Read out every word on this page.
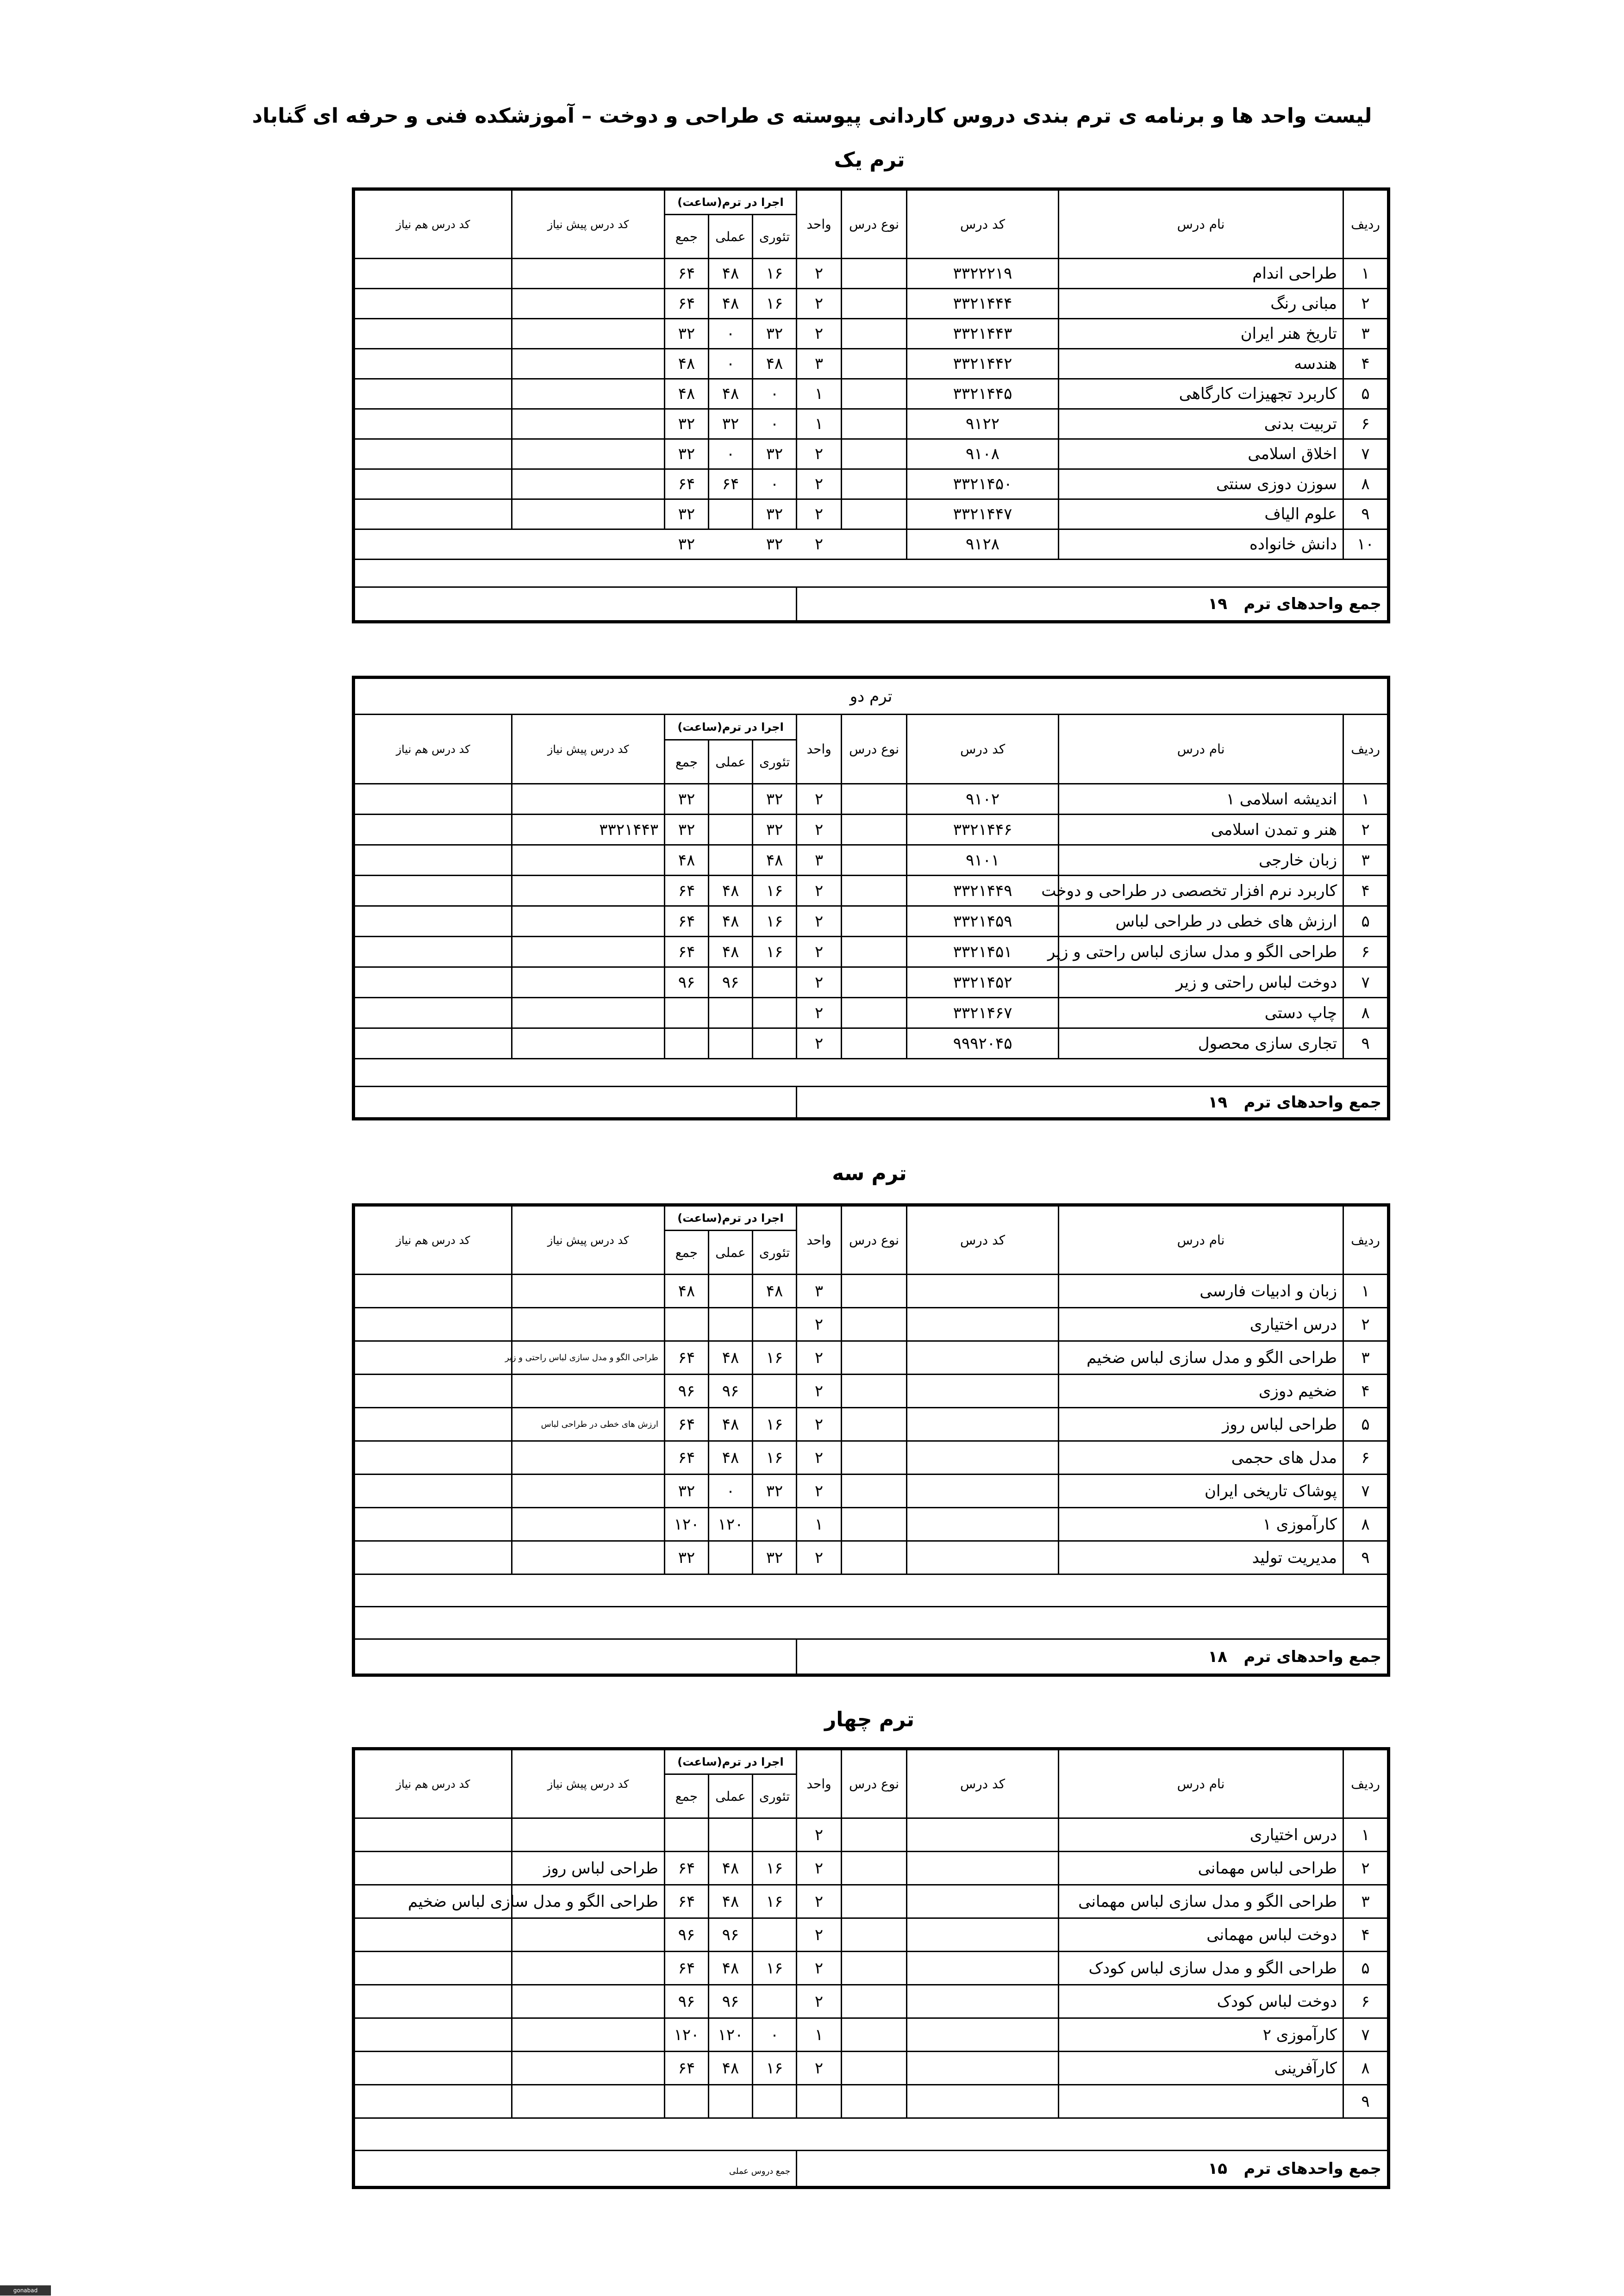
لیست واحد ها و برنامه ی ترم بندی دروس کاردانی پیوسته ی طراحی و دوخت – آموزشکده فنی و حرفه ای گناباد
ترم یک
ردیف	نام درس	کد درس	نوع درس	واحد	اجرا در ترم(ساعت)			کد درس پیش نیاز	کد درس هم نیاز
					تئوری	عملی	جمع		
۱	طراحی اندام	۳۳۲۲۲۱۹		۲	۱۶	۴۸	۶۴		
۲	مبانی رنگ	۳۳۲۱۴۴۴		۲	۱۶	۴۸	۶۴		
۳	تاریخ هنر ایران	۳۳۲۱۴۴۳		۲	۳۲	۰	۳۲		
۴	هندسه	۳۳۲۱۴۴۲		۳	۴۸	۰	۴۸		
۵	کاربرد تجهیزات کارگاهی	۳۳۲۱۴۴۵		۱	۰	۴۸	۴۸		
۶	تربیت بدنی	۹۱۲۲		۱	۰	۳۲	۳۲		
۷	اخلاق اسلامی	۹۱۰۸		۲	۳۲	۰	۳۲		
۸	سوزن دوزی سنتی	۳۳۲۱۴۵۰		۲	۰	۶۴	۶۴		
۹	علوم الیاف	۳۳۲۱۴۴۷		۲	۳۲		۳۲		
۱۰	دانش خانواده	۹۱۲۸		۲	۳۲		۳۲		

جمع واحدهای ترم   ۱۹									
ترم دو									
ردیف	نام درس	کد درس	نوع درس	واحد	اجرا در ترم(ساعت)			کد درس پیش نیاز	کد درس هم نیاز
					تئوری	عملی	جمع		
۱	اندیشه اسلامی ۱	۹۱۰۲		۲	۳۲		۳۲		
۲	هنر و تمدن اسلامی	۳۳۲۱۴۴۶		۲	۳۲		۳۲	۳۳۲۱۴۴۳	
۳	زبان خارجی	۹۱۰۱		۳	۴۸		۴۸		
۴	کاربرد نرم افزار تخصصی در طراحی و دوخت	۳۳۲۱۴۴۹		۲	۱۶	۴۸	۶۴		
۵	ارزش های خطی در طراحی لباس	۳۳۲۱۴۵۹		۲	۱۶	۴۸	۶۴		
۶	طراحی الگو و مدل سازی لباس راحتی و زیر	۳۳۲۱۴۵۱		۲	۱۶	۴۸	۶۴		
۷	دوخت لباس راحتی و زیر	۳۳۲۱۴۵۲		۲		۹۶	۹۶		
۸	چاپ دستی	۳۳۲۱۴۶۷		۲					
۹	تجاری سازی محصول	۹۹۹۲۰۴۵		۲					

جمع واحدهای ترم   ۱۹									
ترم سه
ردیف	نام درس	کد درس	نوع درس	واحد	اجرا در ترم(ساعت)			کد درس پیش نیاز	کد درس هم نیاز
					تئوری	عملی	جمع		
۱	زبان و ادبیات فارسی			۳	۴۸		۴۸		
۲	درس اختیاری			۲					
۳	طراحی الگو و مدل سازی لباس ضخیم			۲	۱۶	۴۸	۶۴	طراحی الگو و مدل سازی لباس راحتی و زیر	
۴	ضخیم دوزی			۲		۹۶	۹۶		
۵	طراحی لباس روز			۲	۱۶	۴۸	۶۴	ارزش های خطی در طراحی لباس	
۶	مدل های حجمی			۲	۱۶	۴۸	۶۴		
۷	پوشاک تاریخی ایران			۲	۳۲	۰	۳۲		
۸	کارآموزی ۱			۱		۱۲۰	۱۲۰		
۹	مدیریت تولید			۲	۳۲		۳۲		

جمع واحدهای ترم   ۱۸									
ترم چهار
ردیف	نام درس	کد درس	نوع درس	واحد	اجرا در ترم(ساعت)			کد درس پیش نیاز	کد درس هم نیاز
					تئوری	عملی	جمع		
۱	درس اختیاری			۲					
۲	طراحی لباس مهمانی			۲	۱۶	۴۸	۶۴	طراحی لباس روز	
۳	طراحی الگو و مدل سازی لباس مهمانی			۲	۱۶	۴۸	۶۴	طراحی الگو و مدل سازی لباس ضخیم	
۴	دوخت لباس مهمانی			۲		۹۶	۹۶		
۵	طراحی الگو و مدل سازی لباس کودک			۲	۱۶	۴۸	۶۴		
۶	دوخت لباس کودک			۲		۹۶	۹۶		
۷	کارآموزی ۲			۱	۰	۱۲۰	۱۲۰		
۸	کارآفرینی			۲	۱۶	۴۸	۶۴		
۹									

جمع واحدهای ترم   ۱۵					جمع دروس عملی				
gonabad
